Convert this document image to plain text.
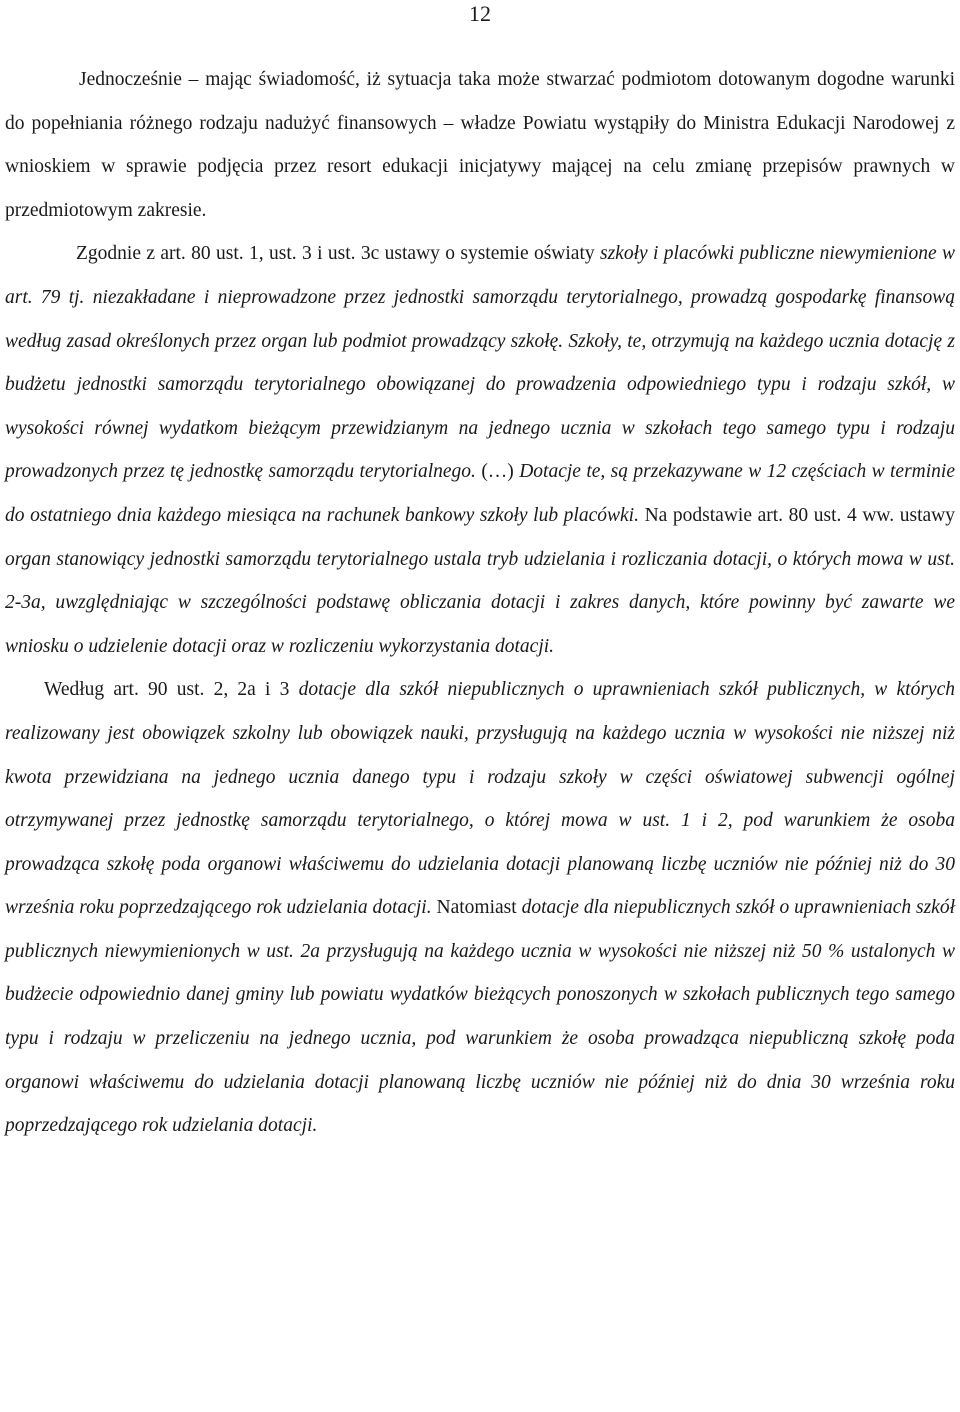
12

Jednocześnie – mając świadomość, iż sytuacja taka może stwarzać podmiotom dotowanym dogodne warunki do popełniania różnego rodzaju nadużyć finansowych – władze Powiatu wystąpiły do Ministra Edukacji Narodowej z wnioskiem w sprawie podjęcia przez resort edukacji inicjatywy mającej na celu zmianę przepisów prawnych w przedmiotowym zakresie.

Zgodnie z art. 80 ust. 1, ust. 3 i ust. 3c ustawy o systemie oświaty szkoły i placówki publiczne niewymienione w art. 79 tj. niezakładane i nieprowadzone przez jednostki samorządu terytorialnego, prowadzą gospodarkę finansową według zasad określonych przez organ lub podmiot prowadzący szkołę. Szkoły, te, otrzymują na każdego ucznia dotację z budżetu jednostki samorządu terytorialnego obowiązanej do prowadzenia odpowiedniego typu i rodzaju szkół, w wysokości równej wydatkom bieżącym przewidzianym na jednego ucznia w szkołach tego samego typu i rodzaju prowadzonych przez tę jednostkę samorządu terytorialnego. (…) Dotacje te, są przekazywane w 12 częściach w terminie do ostatniego dnia każdego miesiąca na rachunek bankowy szkoły lub placówki. Na podstawie art. 80 ust. 4 ww. ustawy organ stanowiący jednostki samorządu terytorialnego ustala tryb udzielania i rozliczania dotacji, o których mowa w ust. 2-3a, uwzględniając w szczególności podstawę obliczania dotacji i zakres danych, które powinny być zawarte we wniosku o udzielenie dotacji oraz w rozliczeniu wykorzystania dotacji.

Według art. 90 ust. 2, 2a i 3 dotacje dla szkół niepublicznych o uprawnieniach szkół publicznych, w których realizowany jest obowiązek szkolny lub obowiązek nauki, przysługują na każdego ucznia w wysokości nie niższej niż kwota przewidziana na jednego ucznia danego typu i rodzaju szkoły w części oświatowej subwencji ogólnej otrzymywanej przez jednostkę samorządu terytorialnego, o której mowa w ust. 1 i 2, pod warunkiem że osoba prowadząca szkołę poda organowi właściwemu do udzielania dotacji planowaną liczbę uczniów nie później niż do 30 września roku poprzedzającego rok udzielania dotacji. Natomiast dotacje dla niepublicznych szkół o uprawnieniach szkół publicznych niewymienionych w ust. 2a przysługują na każdego ucznia w wysokości nie niższej niż 50 % ustalonych w budżecie odpowiednio danej gminy lub powiatu wydatków bieżących ponoszonych w szkołach publicznych tego samego typu i rodzaju w przeliczeniu na jednego ucznia, pod warunkiem że osoba prowadząca niepubliczną szkołę poda organowi właściwemu do udzielania dotacji planowaną liczbę uczniów nie później niż do dnia 30 września roku poprzedzającego rok udzielania dotacji.
